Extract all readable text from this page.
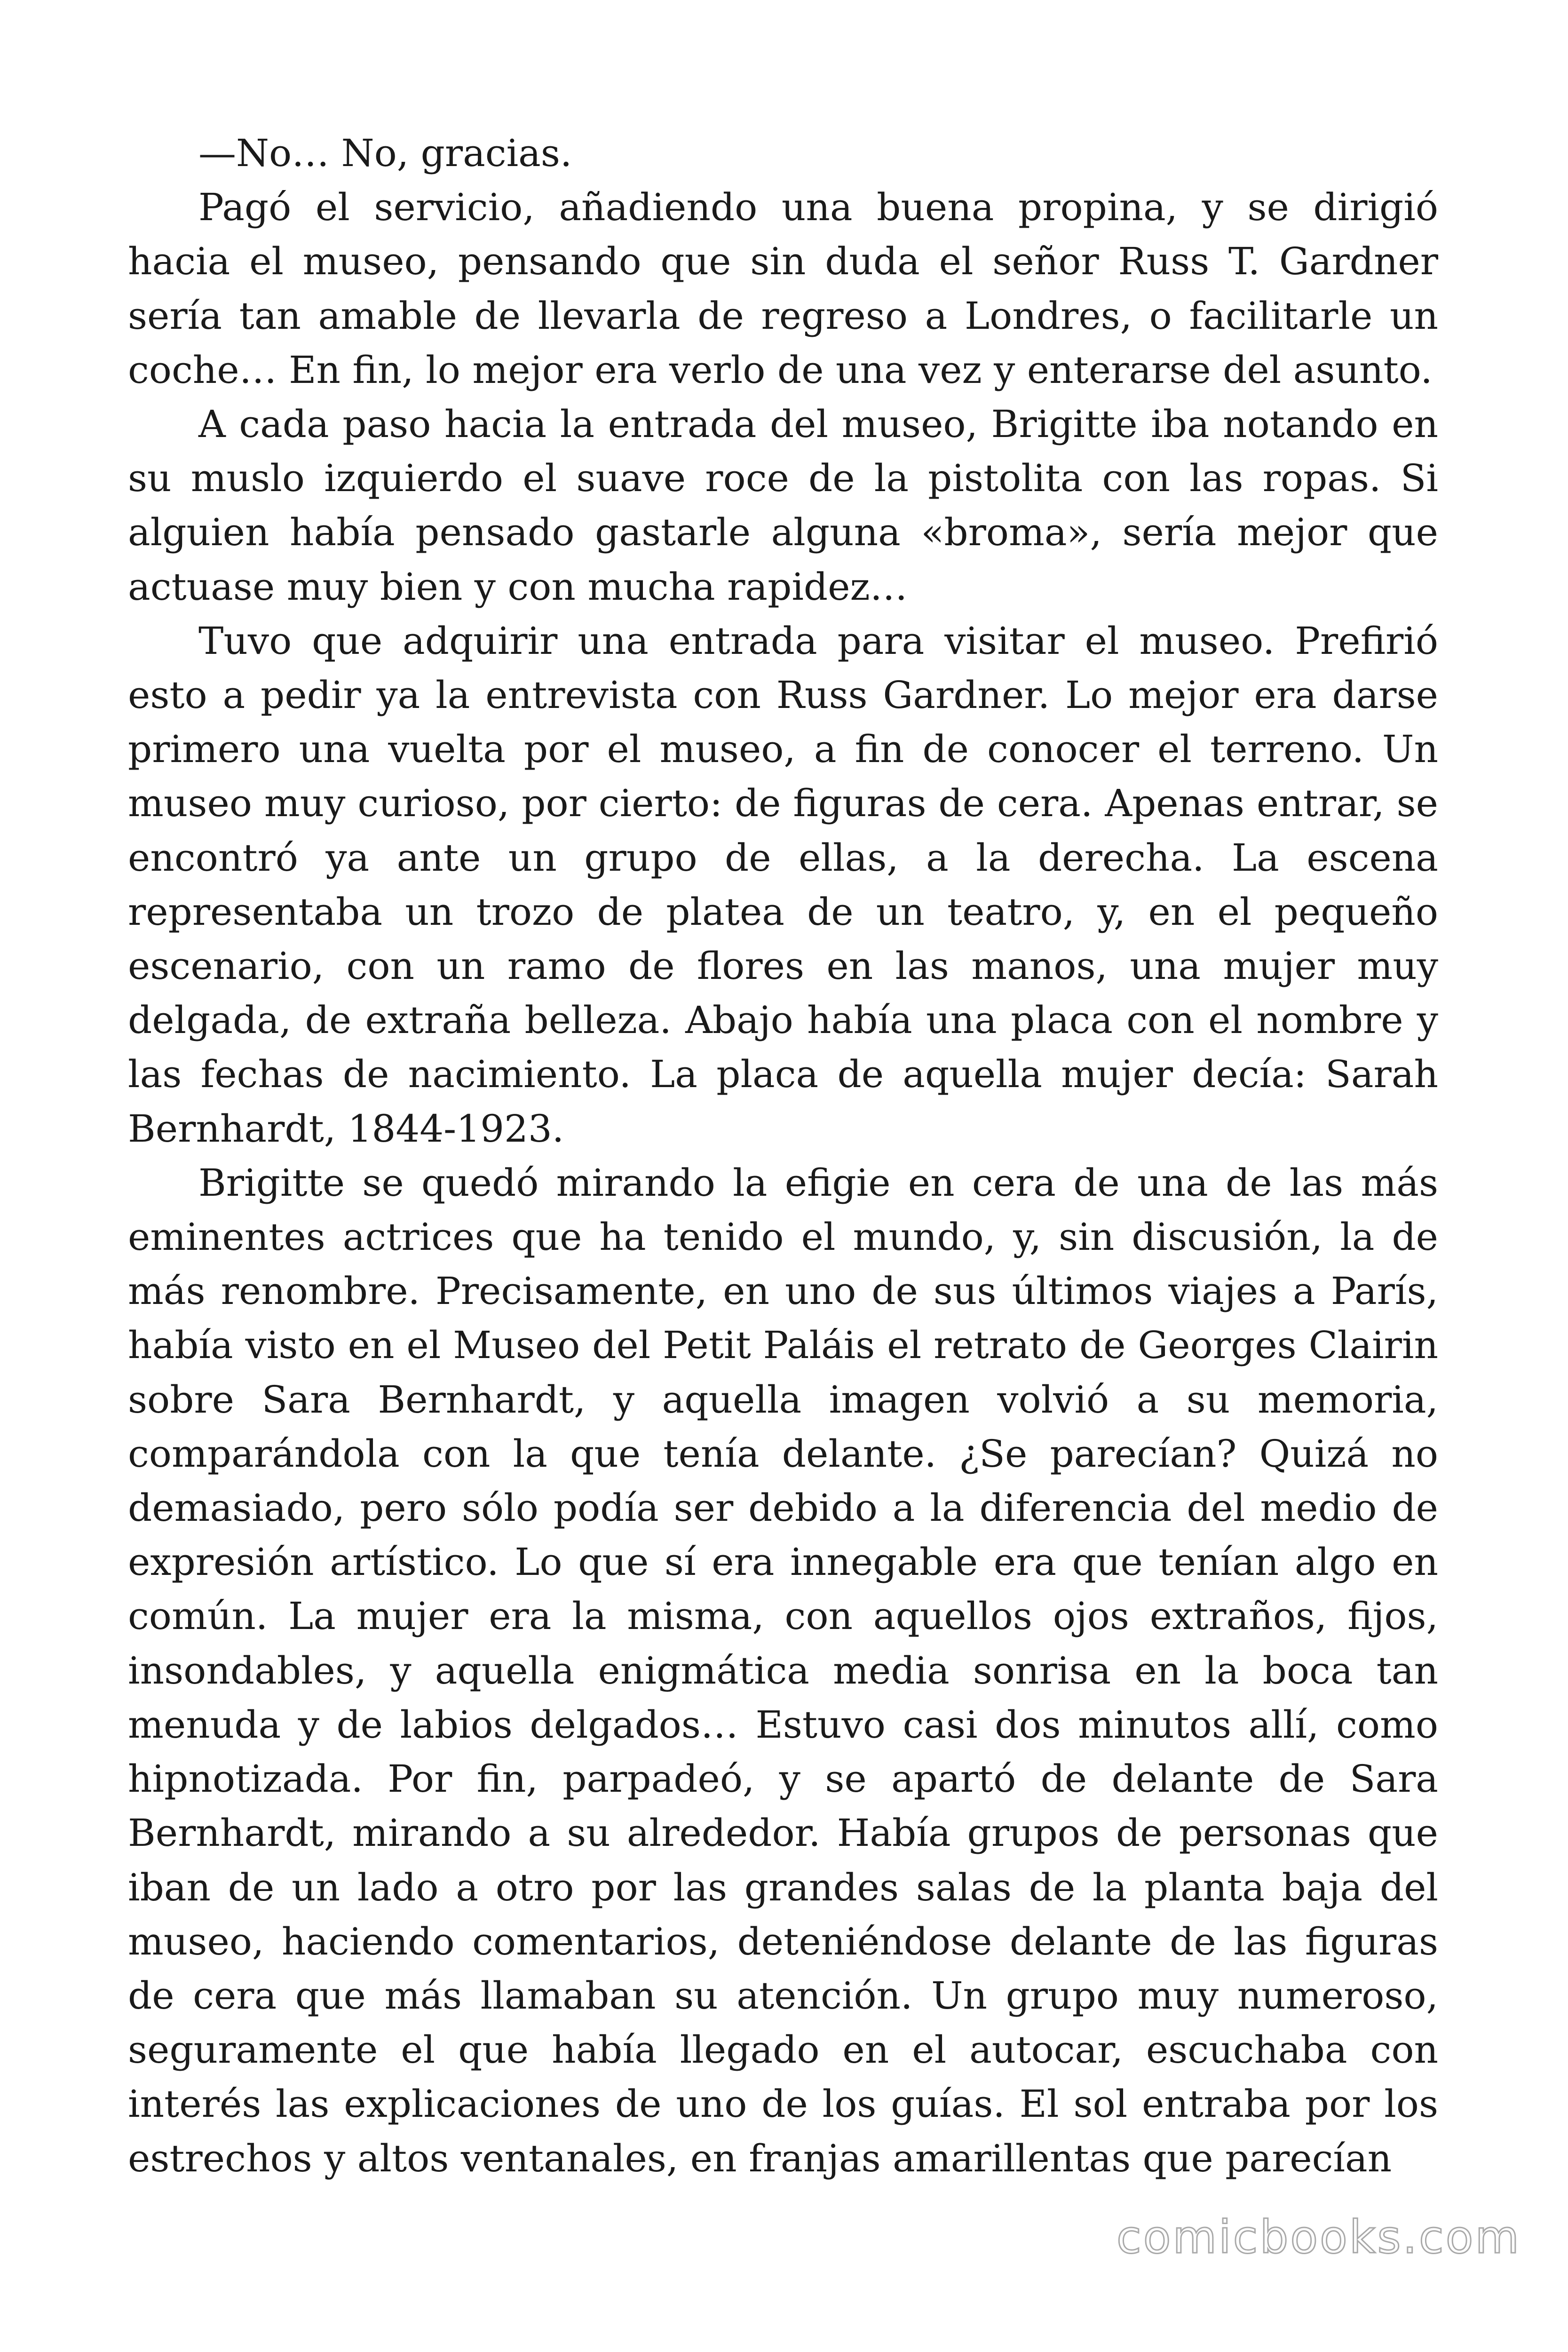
—No… No, gracias.

Pagó el servicio, añadiendo una buena propina, y se dirigió hacia el museo, pensando que sin duda el señor Russ T. Gardner sería tan amable de llevarla de regreso a Londres, o facilitarle un coche… En fin, lo mejor era verlo de una vez y enterarse del asunto.

A cada paso hacia la entrada del museo, Brigitte iba notando en su muslo izquierdo el suave roce de la pistolita con las ropas. Si alguien había pensado gastarle alguna «broma», sería mejor que actuase muy bien y con mucha rapidez…

Tuvo que adquirir una entrada para visitar el museo. Prefirió esto a pedir ya la entrevista con Russ Gardner. Lo mejor era darse primero una vuelta por el museo, a fin de conocer el terreno. Un museo muy curioso, por cierto: de figuras de cera. Apenas entrar, se encontró ya ante un grupo de ellas, a la derecha. La escena representaba un trozo de platea de un teatro, y, en el pequeño escenario, con un ramo de flores en las manos, una mujer muy delgada, de extraña belleza. Abajo había una placa con el nombre y las fechas de nacimiento. La placa de aquella mujer decía: Sarah Bernhardt, 1844-1923.

Brigitte se quedó mirando la efigie en cera de una de las más eminentes actrices que ha tenido el mundo, y, sin discusión, la de más renombre. Precisamente, en uno de sus últimos viajes a París, había visto en el Museo del Petit Paláis el retrato de Georges Clairin sobre Sara Bernhardt, y aquella imagen volvió a su memoria, comparándola con la que tenía delante. ¿Se parecían? Quizá no demasiado, pero sólo podía ser debido a la diferencia del medio de expresión artístico. Lo que sí era innegable era que tenían algo en común. La mujer era la misma, con aquellos ojos extraños, fijos, insondables, y aquella enigmática media sonrisa en la boca tan menuda y de labios delgados… Estuvo casi dos minutos allí, como hipnotizada. Por fin, parpadeó, y se apartó de delante de Sara Bernhardt, mirando a su alrededor. Había grupos de personas que iban de un lado a otro por las grandes salas de la planta baja del museo, haciendo comentarios, deteniéndose delante de las figuras de cera que más llamaban su atención. Un grupo muy numeroso, seguramente el que había llegado en el autocar, escuchaba con interés las explicaciones de uno de los guías. El sol entraba por los estrechos y altos ventanales, en franjas amarillentas que parecían

comicbooks.com
